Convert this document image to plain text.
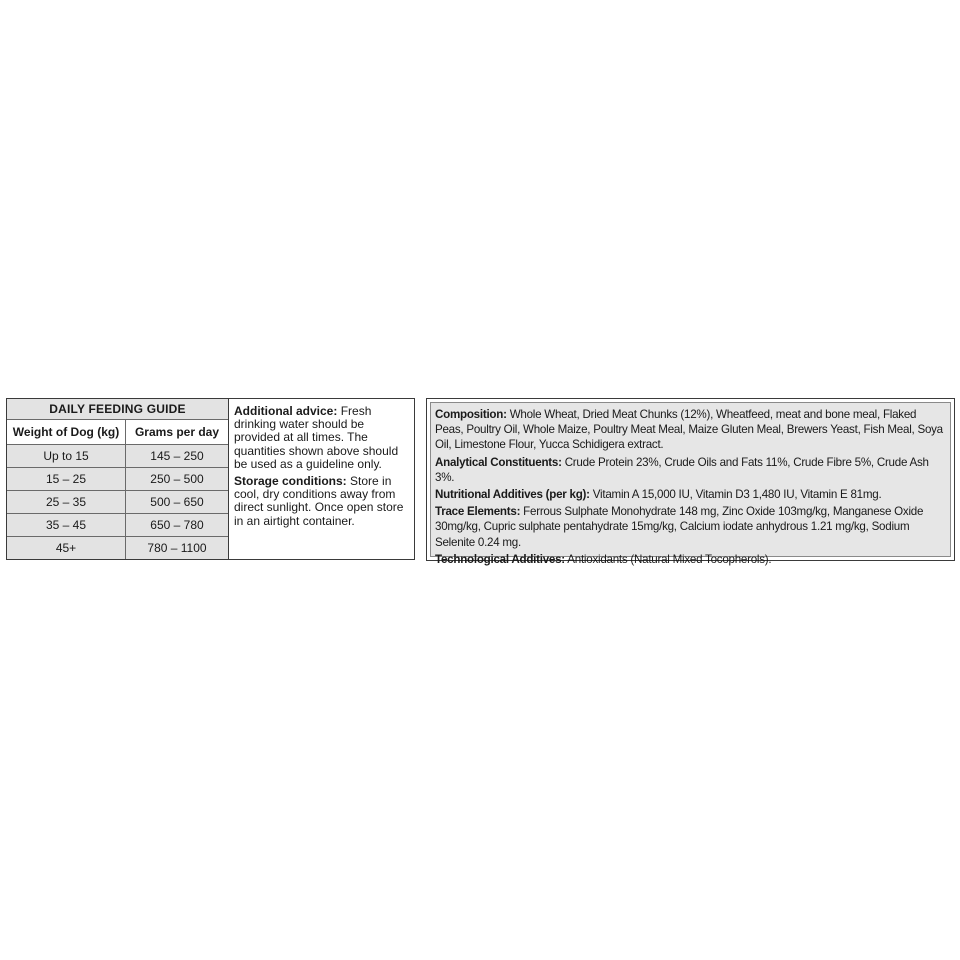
DAILY FEEDING GUIDE
Weight of Dog (kg)	Grams per day
Up to 15	145 – 250
15 – 25	250 – 500
25 – 35	500 – 650
35 – 45	650 – 780
45+	780 – 1100

Additional advice: Fresh drinking water should be provided at all times. The quantities shown above should be used as a guideline only.

Storage conditions: Store in cool, dry conditions away from direct sunlight. Once open store in an airtight container.

Composition: Whole Wheat, Dried Meat Chunks (12%), Wheatfeed, meat and bone meal, Flaked Peas, Poultry Oil, Whole Maize, Poultry Meat Meal, Maize Gluten Meal, Brewers Yeast, Fish Meal, Soya Oil, Limestone Flour, Yucca Schidigera extract.

Analytical Constituents: Crude Protein 23%, Crude Oils and Fats 11%, Crude Fibre 5%, Crude Ash 3%.

Nutritional Additives (per kg): Vitamin A 15,000 IU, Vitamin D3 1,480 IU, Vitamin E 81mg.

Trace Elements: Ferrous Sulphate Monohydrate 148 mg, Zinc Oxide 103mg/kg, Manganese Oxide 30mg/kg, Cupric sulphate pentahydrate 15mg/kg, Calcium iodate anhydrous 1.21 mg/kg, Sodium Selenite 0.24 mg.

Technological Additives: Antioxidants (Natural Mixed Tocopherols).
